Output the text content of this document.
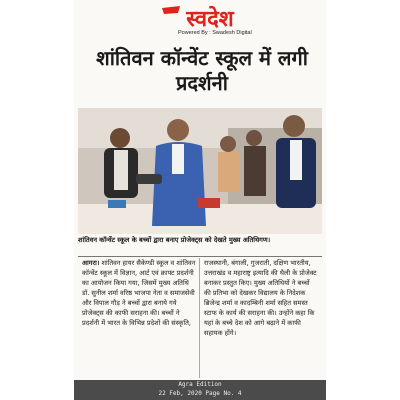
स्वदेश
Powered By : Swadesh Digital
शांतिवन कॉन्वेंट स्कूल में लगी प्रदर्शनी
शांतिवन कॉन्वेंट स्कूल के बच्चों द्वारा बनाए प्रोजेक्ट्स को देखते मुख्य अतिथिगण।
आगरा। शांतिवन हायर सैकेण्डी स्कूल व शांतिवन कॉन्वेंट स्कूल में विज्ञान, आर्ट एवं क्राफ्ट प्रदर्शनी का आयोजन किया गया, जिसमें मुख्य अतिथि डॉ. सुनील शर्मा वरिष्ठ भाजपा नेता व समाजसेवी और विपाल गौड़ ने बच्चों द्वारा बनाये गये प्रोजेक्ट्स की काफी सराहना की। बच्चों ने प्रदर्शनी में भारत के विभिन्न प्रदेशों की संस्कृति,
राजस्थानी, बंगाली, गुजराती, दक्षिण भारतीय, उत्तराखंड व महाराष्ट्र इत्यादि की थैली के प्रोजेक्ट बनाकर प्रस्तुत किए। मुख्य अतिथियों ने बच्चों की प्रतिभा को देखकर विद्यालय के निदेशक ब्रिजेन्द्र शर्मा व कादम्बिनी शर्मा सहित समस्त स्टाफ के कार्य की सराहना की। उन्होंने कहा कि यहां के बच्चे देश को आगे बढ़ाने में काफी सहायक होंगे।
Agra Edition
22 Feb, 2020 Page No. 4
